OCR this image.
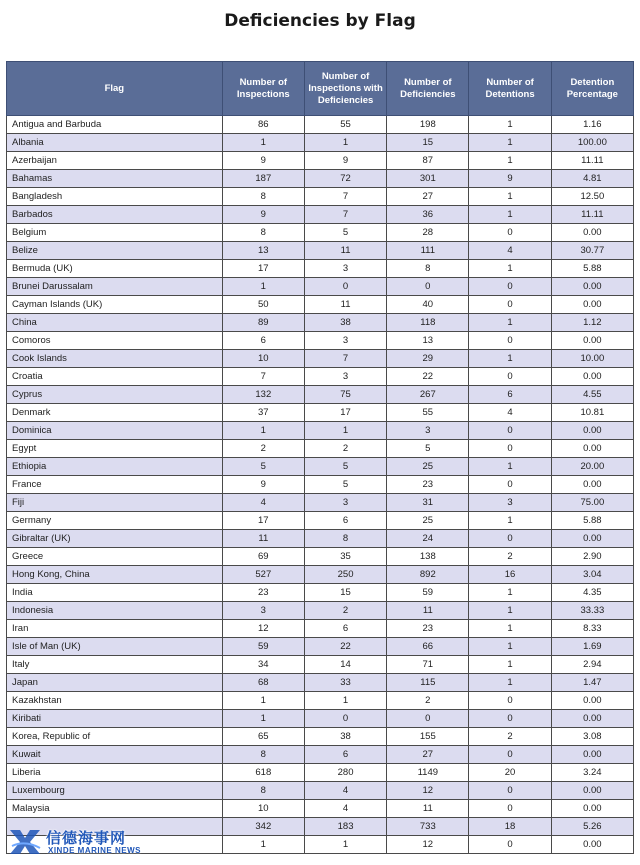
Deficiencies by Flag
Flag	Number of Inspections	Number of Inspections with Deficiencies	Number of Deficiencies	Number of Detentions	Detention Percentage
Antigua and Barbuda	86	55	198	1	1.16
Albania	1	1	15	1	100.00
Azerbaijan	9	9	87	1	11.11
Bahamas	187	72	301	9	4.81
Bangladesh	8	7	27	1	12.50
Barbados	9	7	36	1	11.11
Belgium	8	5	28	0	0.00
Belize	13	11	111	4	30.77
Bermuda (UK)	17	3	8	1	5.88
Brunei Darussalam	1	0	0	0	0.00
Cayman Islands (UK)	50	11	40	0	0.00
China	89	38	118	1	1.12
Comoros	6	3	13	0	0.00
Cook Islands	10	7	29	1	10.00
Croatia	7	3	22	0	0.00
Cyprus	132	75	267	6	4.55
Denmark	37	17	55	4	10.81
Dominica	1	1	3	0	0.00
Egypt	2	2	5	0	0.00
Ethiopia	5	5	25	1	20.00
France	9	5	23	0	0.00
Fiji	4	3	31	3	75.00
Germany	17	6	25	1	5.88
Gibraltar (UK)	11	8	24	0	0.00
Greece	69	35	138	2	2.90
Hong Kong, China	527	250	892	16	3.04
India	23	15	59	1	4.35
Indonesia	3	2	11	1	33.33
Iran	12	6	23	1	8.33
Isle of Man (UK)	59	22	66	1	1.69
Italy	34	14	71	1	2.94
Japan	68	33	115	1	1.47
Kazakhstan	1	1	2	0	0.00
Kiribati	1	0	0	0	0.00
Korea, Republic of	65	38	155	2	3.08
Kuwait	8	6	27	0	0.00
Liberia	618	280	1149	20	3.24
Luxembourg	8	4	12	0	0.00
Malaysia	10	4	11	0	0.00
	342	183	733	18	5.26
	1	1	12	0	0.00
信德海事网
XINDE MARINE NEWS
